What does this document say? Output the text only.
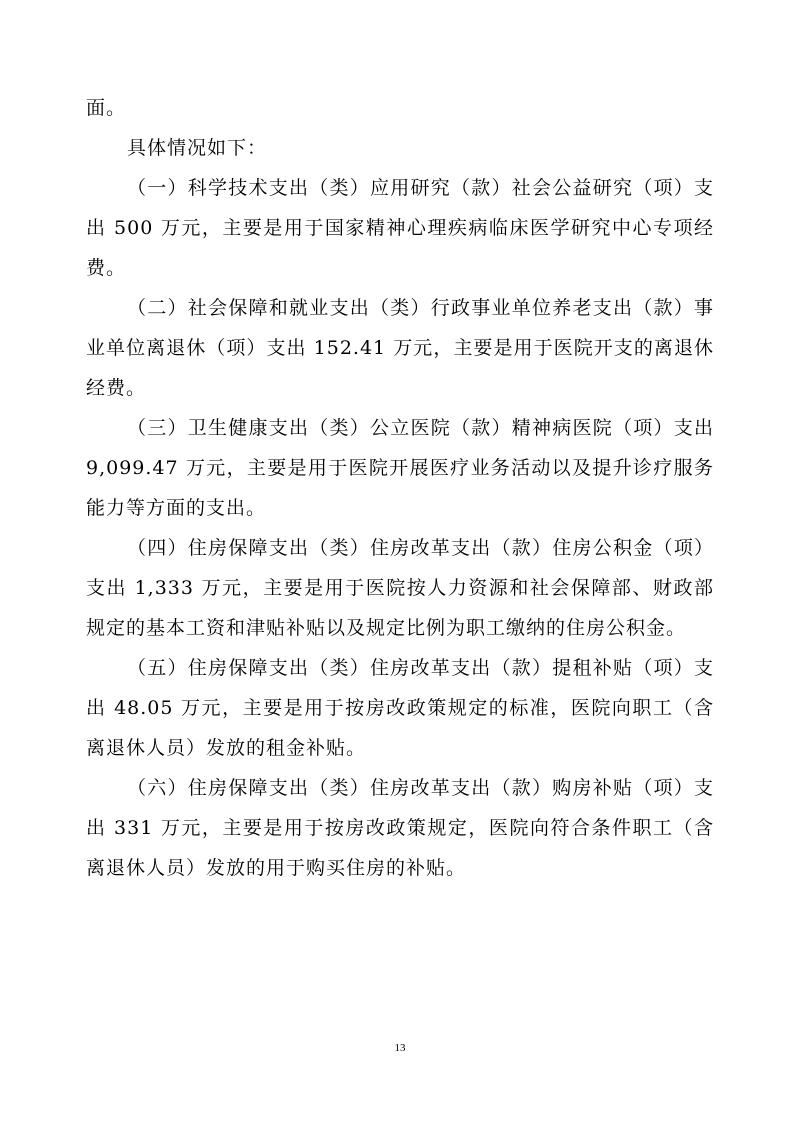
面。

具体情况如下：

（一）科学技术支出（类）应用研究（款）社会公益研究（项）支出 500 万元，主要是用于国家精神心理疾病临床医学研究中心专项经费。

（二）社会保障和就业支出（类）行政事业单位养老支出（款）事业单位离退休（项）支出 152.41 万元，主要是用于医院开支的离退休经费。

（三）卫生健康支出（类）公立医院（款）精神病医院（项）支出 9,099.47 万元，主要是用于医院开展医疗业务活动以及提升诊疗服务能力等方面的支出。

（四）住房保障支出（类）住房改革支出（款）住房公积金（项）支出 1,333 万元，主要是用于医院按人力资源和社会保障部、财政部规定的基本工资和津贴补贴以及规定比例为职工缴纳的住房公积金。

（五）住房保障支出（类）住房改革支出（款）提租补贴（项）支出 48.05 万元，主要是用于按房改政策规定的标准，医院向职工（含离退休人员）发放的租金补贴。

（六）住房保障支出（类）住房改革支出（款）购房补贴（项）支出 331 万元，主要是用于按房改政策规定，医院向符合条件职工（含离退休人员）发放的用于购买住房的补贴。

13
